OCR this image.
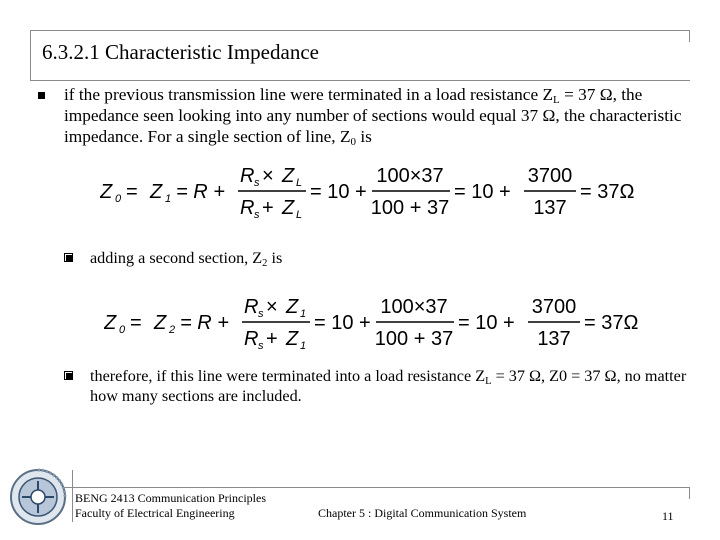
6.3.2.1 Characteristic Impedance
if the previous transmission line were terminated in a load resistance $Z_L = 37$ Ω, the impedance seen looking into any number of sections would equal 37 Ω, the characteristic impedance. For a single section of line, $Z_0$ is
Z 0 = Z 1 = R +
R s × Z L
R s + Z L
= 10 +
100×37
100 + 37
= 10 +
3700
137
= 37Ω
adding a second section, $Z_2$ is
Z 0 = Z 2 = R +
R s × Z 1
R s + Z 1
= 10 +
100×37
100 + 37
= 10 +
3700
137
= 37Ω
therefore, if this line were terminated into a load resistance $Z_L = 37$ Ω, Z0 = 37 Ω, no matter how many sections are included.
BENG 2413 Communication Principles
Faculty of Electrical Engineering	Chapter 5 : Digital Communication System	11
